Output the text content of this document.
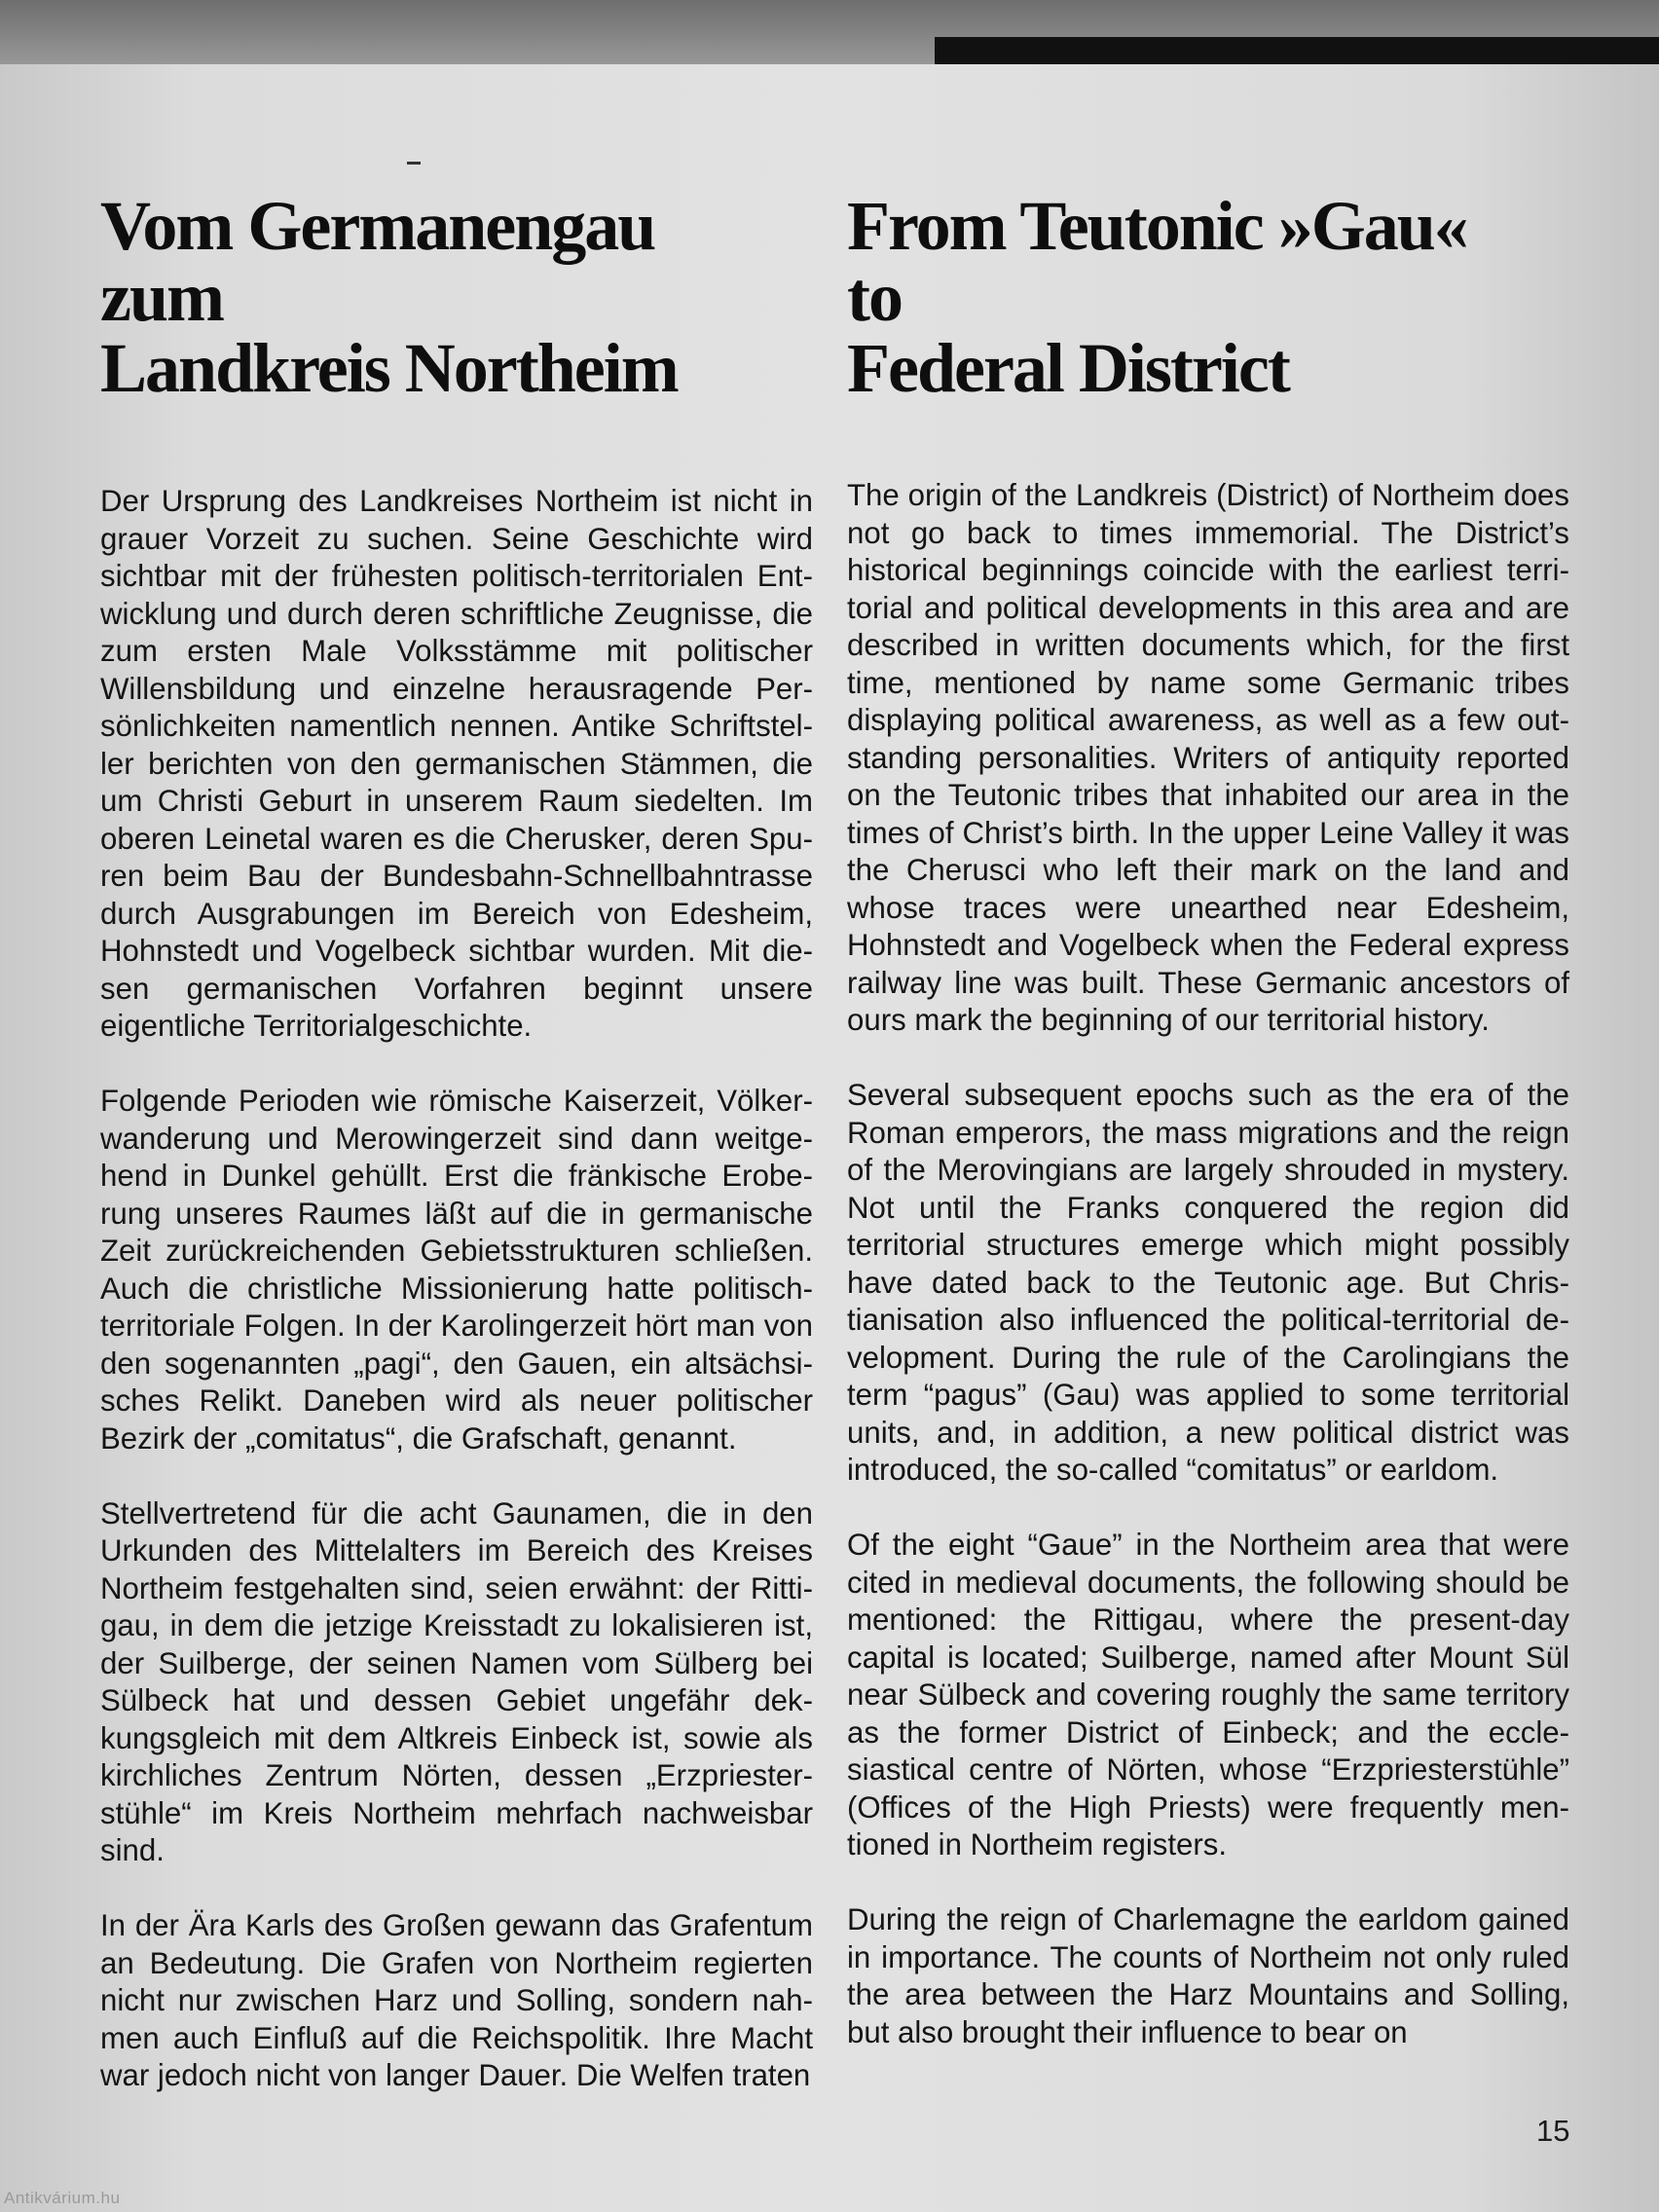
Vom Germanengau
zum
Landkreis Northeim

Der Ursprung des Landkreises Northeim ist nicht in grauer Vorzeit zu suchen. Seine Geschichte wird sichtbar mit der frühesten politisch-territorialen Entwicklung und durch deren schriftliche Zeugnisse, die zum ersten Male Volksstämme mit politischer Willensbildung und einzelne herausragende Persönlichkeiten namentlich nennen. Antike Schriftsteller berichten von den germanischen Stämmen, die um Christi Geburt in unserem Raum siedelten. Im oberen Leinetal waren es die Cherusker, deren Spuren beim Bau der Bundesbahn-Schnellbahntrasse durch Ausgrabungen im Bereich von Edesheim, Hohnstedt und Vogelbeck sichtbar wurden. Mit diesen germanischen Vorfahren beginnt unsere eigentliche Territorialgeschichte.

Folgende Perioden wie römische Kaiserzeit, Völkerwanderung und Merowingerzeit sind dann weitgehend in Dunkel gehüllt. Erst die fränkische Eroberung unseres Raumes läßt auf die in germanische Zeit zurückreichenden Gebietsstrukturen schließen. Auch die christliche Missionierung hatte politischterritoriale Folgen. In der Karolingerzeit hört man von den sogenannten „pagi“, den Gauen, ein altsächsisches Relikt. Daneben wird als neuer politischer Bezirk der „comitatus“, die Grafschaft, genannt.

Stellvertretend für die acht Gaunamen, die in den Urkunden des Mittelalters im Bereich des Kreises Northeim festgehalten sind, seien erwähnt: der Rittigau, in dem die jetzige Kreisstadt zu lokalisieren ist, der Suilberge, der seinen Namen vom Sülberg bei Sülbeck hat und dessen Gebiet ungefähr dekkungsgleich mit dem Altkreis Einbeck ist, sowie als kirchliches Zentrum Nörten, dessen „Erzpriesterstühle“ im Kreis Northeim mehrfach nachweisbar sind.

In der Ära Karls des Großen gewann das Grafentum an Bedeutung. Die Grafen von Northeim regierten nicht nur zwischen Harz und Solling, sondern nahmen auch Einfluß auf die Reichspolitik. Ihre Macht war jedoch nicht von langer Dauer. Die Welfen traten

From Teutonic »Gau«
to
Federal District

The origin of the Landkreis (District) of Northeim does not go back to times immemorial. The District’s historical beginnings coincide with the earliest territorial and political developments in this area and are described in written documents which, for the first time, mentioned by name some Germanic tribes displaying political awareness, as well as a few outstanding personalities. Writers of antiquity reported on the Teutonic tribes that inhabited our area in the times of Christ’s birth. In the upper Leine Valley it was the Cherusci who left their mark on the land and whose traces were unearthed near Edesheim, Hohnstedt and Vogelbeck when the Federal express railway line was built. These Germanic ancestors of ours mark the beginning of our territorial history.

Several subsequent epochs such as the era of the Roman emperors, the mass migrations and the reign of the Merovingians are largely shrouded in mystery. Not until the Franks conquered the region did territorial structures emerge which might possibly have dated back to the Teutonic age. But Christianisation also influenced the political-territorial development. During the rule of the Carolingians the term “pagus” (Gau) was applied to some territorial units, and, in addition, a new political district was introduced, the so-called “comitatus” or earldom.

Of the eight “Gaue” in the Northeim area that were cited in medieval documents, the following should be mentioned: the Rittigau, where the present-day capital is located; Suilberge, named after Mount Sül near Sülbeck and covering roughly the same territory as the former District of Einbeck; and the ecclesiastical centre of Nörten, whose “Erzpriesterstühle” (Offices of the High Priests) were frequently mentioned in Northeim registers.

During the reign of Charlemagne the earldom gained in importance. The counts of Northeim not only ruled the area between the Harz Mountains and Solling, but also brought their influence to bear on

15
Antikvárium.hu
